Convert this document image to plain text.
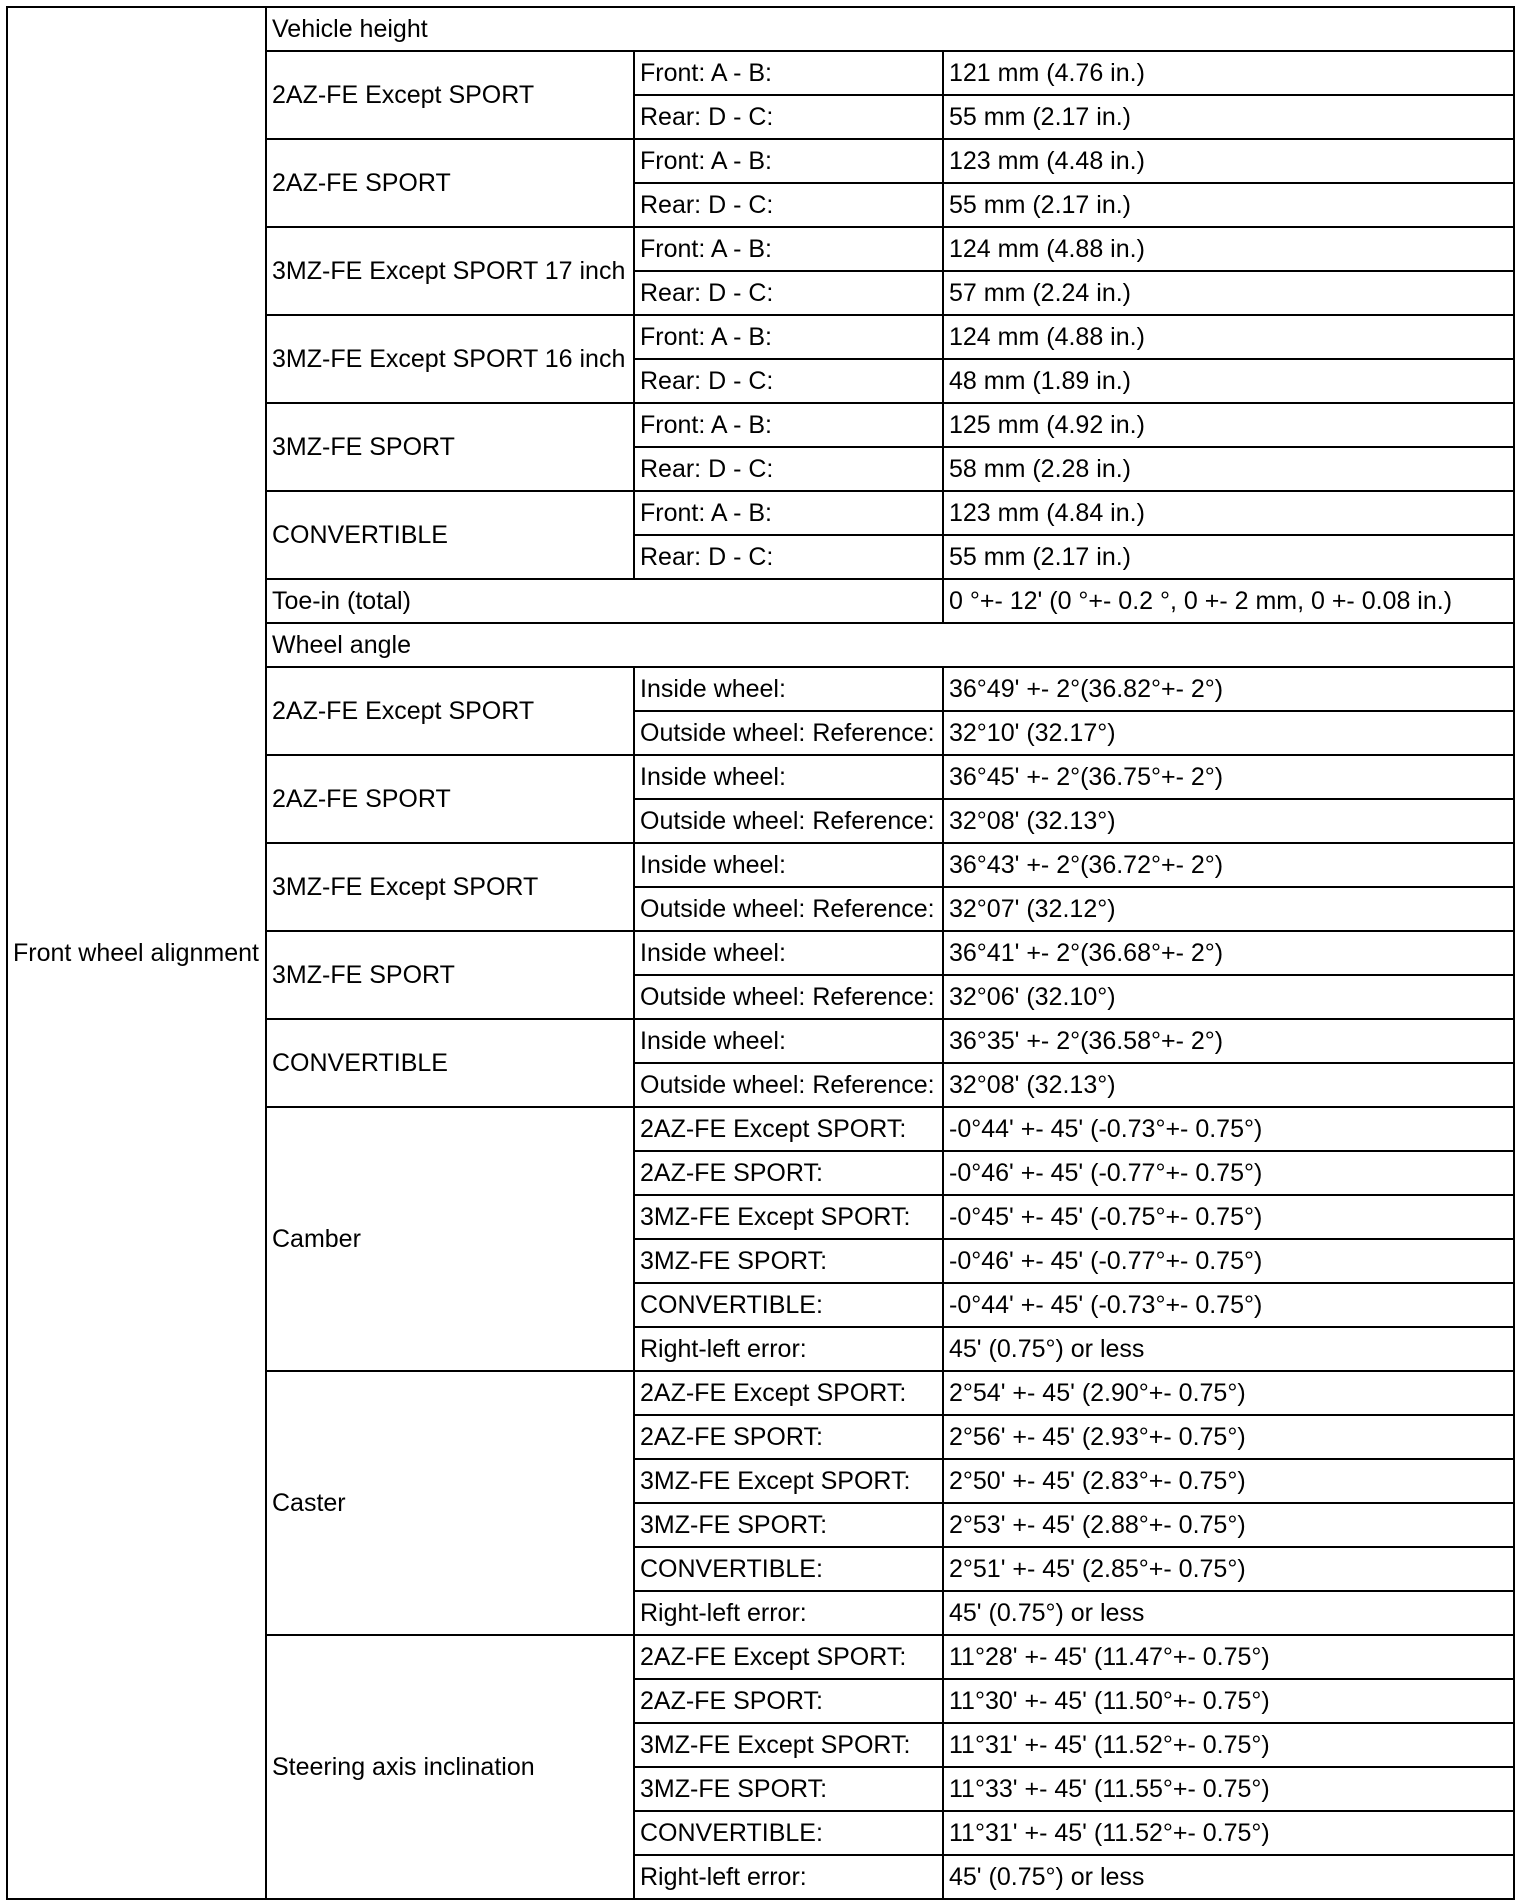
Front wheel alignment	Vehicle height		
	2AZ-FE Except SPORT	Front: A - B:	121 mm (4.76 in.)
		Rear: D - C:	55 mm (2.17 in.)
	2AZ-FE SPORT	Front: A - B:	123 mm (4.48 in.)
		Rear: D - C:	55 mm (2.17 in.)
	3MZ-FE Except SPORT 17 inch	Front: A - B:	124 mm (4.88 in.)
		Rear: D - C:	57 mm (2.24 in.)
	3MZ-FE Except SPORT 16 inch	Front: A - B:	124 mm (4.88 in.)
		Rear: D - C:	48 mm (1.89 in.)
	3MZ-FE SPORT	Front: A - B:	125 mm (4.92 in.)
		Rear: D - C:	58 mm (2.28 in.)
	CONVERTIBLE	Front: A - B:	123 mm (4.84 in.)
		Rear: D - C:	55 mm (2.17 in.)
	Toe-in (total)		0 °+- 12' (0 °+- 0.2 °, 0 +- 2 mm, 0 +- 0.08 in.)
	Wheel angle		
	2AZ-FE Except SPORT	Inside wheel:	36°49' +- 2°(36.82°+- 2°)
		Outside wheel: Reference:	32°10' (32.17°)
	2AZ-FE SPORT	Inside wheel:	36°45' +- 2°(36.75°+- 2°)
		Outside wheel: Reference:	32°08' (32.13°)
	3MZ-FE Except SPORT	Inside wheel:	36°43' +- 2°(36.72°+- 2°)
		Outside wheel: Reference:	32°07' (32.12°)
	3MZ-FE SPORT	Inside wheel:	36°41' +- 2°(36.68°+- 2°)
		Outside wheel: Reference:	32°06' (32.10°)
	CONVERTIBLE	Inside wheel:	36°35' +- 2°(36.58°+- 2°)
		Outside wheel: Reference:	32°08' (32.13°)
	Camber	2AZ-FE Except SPORT:	-0°44' +- 45' (-0.73°+- 0.75°)
		2AZ-FE SPORT:	-0°46' +- 45' (-0.77°+- 0.75°)
		3MZ-FE Except SPORT:	-0°45' +- 45' (-0.75°+- 0.75°)
		3MZ-FE SPORT:	-0°46' +- 45' (-0.77°+- 0.75°)
		CONVERTIBLE:	-0°44' +- 45' (-0.73°+- 0.75°)
		Right-left error:	45' (0.75°) or less
	Caster	2AZ-FE Except SPORT:	2°54' +- 45' (2.90°+- 0.75°)
		2AZ-FE SPORT:	2°56' +- 45' (2.93°+- 0.75°)
		3MZ-FE Except SPORT:	2°50' +- 45' (2.83°+- 0.75°)
		3MZ-FE SPORT:	2°53' +- 45' (2.88°+- 0.75°)
		CONVERTIBLE:	2°51' +- 45' (2.85°+- 0.75°)
		Right-left error:	45' (0.75°) or less
	Steering axis inclination	2AZ-FE Except SPORT:	11°28' +- 45' (11.47°+- 0.75°)
		2AZ-FE SPORT:	11°30' +- 45' (11.50°+- 0.75°)
		3MZ-FE Except SPORT:	11°31' +- 45' (11.52°+- 0.75°)
		3MZ-FE SPORT:	11°33' +- 45' (11.55°+- 0.75°)
		CONVERTIBLE:	11°31' +- 45' (11.52°+- 0.75°)
		Right-left error:	45' (0.75°) or less
